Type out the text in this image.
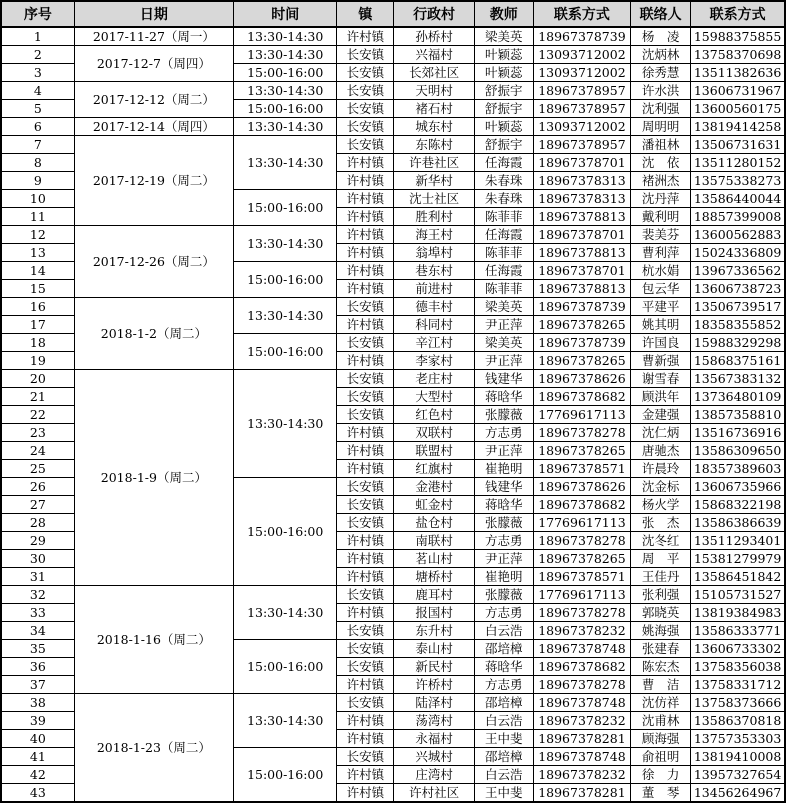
序号	日期	时间	镇	行政村	教师	联系方式	联络人	联系方式
1	2017-11-27（周一）	13:30-14:30	许村镇	孙桥村	梁美英	18967378739	杨　凌	15988375855
2	2017-12-7（周四）	13:30-14:30	长安镇	兴福村	叶颖蕊	13093712002	沈炳林	13758370698
3		15:00-16:00	长安镇	长郊社区	叶颖蕊	13093712002	徐秀慧	13511382636
4	2017-12-12（周二）	13:30-14:30	长安镇	天明村	舒振宇	18967378957	许水洪	13606731967
5		15:00-16:00	长安镇	褚石村	舒振宇	18967378957	沈利强	13600560175
6	2017-12-14（周四）	13:30-14:30	长安镇	城东村	叶颖蕊	13093712002	周明明	13819414258
7	2017-12-19（周二）	13:30-14:30	长安镇	东陈村	舒振宇	18967378957	潘祖林	13506731631
8			许村镇	许巷社区	任海霞	18967378701	沈　依	13511280152
9			许村镇	新华村	朱春珠	18967378313	褚洲杰	13575338273
10		15:00-16:00	许村镇	沈士社区	朱春珠	18967378313	沈丹萍	13586440044
11			许村镇	胜利村	陈菲菲	18967378813	戴利明	18857399008
12	2017-12-26（周二）	13:30-14:30	许村镇	海王村	任海霞	18967378701	裴美芬	13600562883
13			许村镇	翁埠村	陈菲菲	18967378813	曹利萍	15024336809
14		15:00-16:00	许村镇	巷东村	任海霞	18967378701	杭水娟	13967336562
15			许村镇	前进村	陈菲菲	18967378813	包云华	13606738723
16	2018-1-2（周二）	13:30-14:30	长安镇	德丰村	梁美英	18967378739	平建平	13506739517
17			许村镇	科同村	尹正萍	18967378265	姚其明	18358355852
18		15:00-16:00	长安镇	辛江村	梁美英	18967378739	许国良	15988329298
19			许村镇	李家村	尹正萍	18967378265	曹新强	15868375161
20	2018-1-9（周二）	13:30-14:30	长安镇	老庄村	钱建华	18967378626	谢雪春	13567383132
21			长安镇	大型村	蒋晗华	18967378682	顾洪年	13736480109
22			长安镇	红色村	张朦薇	17769617113	金建强	13857358810
23			许村镇	双联村	方志勇	18967378278	沈仁炳	13516736916
24			许村镇	联盟村	尹正萍	18967378265	唐驰杰	13586309650
25			许村镇	红旗村	崔艳明	18967378571	许晨玲	18357389603
26		15:00-16:00	长安镇	金港村	钱建华	18967378626	沈金标	13606735966
27			长安镇	虹金村	蒋晗华	18967378682	杨火学	15868322198
28			长安镇	盐仓村	张朦薇	17769617113	张　杰	13586386639
29			许村镇	南联村	方志勇	18967378278	沈冬红	13511293401
30			许村镇	茗山村	尹正萍	18967378265	周　平	15381279979
31			许村镇	塘桥村	崔艳明	18967378571	王佳丹	13586451842
32	2018-1-16（周二）	13:30-14:30	长安镇	鹿耳村	张朦薇	17769617113	张利强	15105731527
33			许村镇	报国村	方志勇	18967378278	郭晓英	13819384983
34			长安镇	东升村	白云浩	18967378232	姚海强	13586333771
35		15:00-16:00	长安镇	泰山村	邵培樟	18967378748	张建春	13606733302
36			长安镇	新民村	蒋晗华	18967378682	陈宏杰	13758356038
37			许村镇	许桥村	方志勇	18967378278	曹　洁	13758331712
38	2018-1-23（周二）	13:30-14:30	长安镇	陆泽村	邵培樟	18967378748	沈仿祥	13758373666
39			许村镇	荡湾村	白云浩	18967378232	沈甫林	13586370818
40			许村镇	永福村	王中斐	18967378281	顾海强	13757353303
41		15:00-16:00	长安镇	兴城村	邵培樟	18967378748	俞祖明	13819410008
42			许村镇	庄湾村	白云浩	18967378232	徐　力	13957327654
43			许村镇	许村社区	王中斐	18967378281	董　琴	13456264967
